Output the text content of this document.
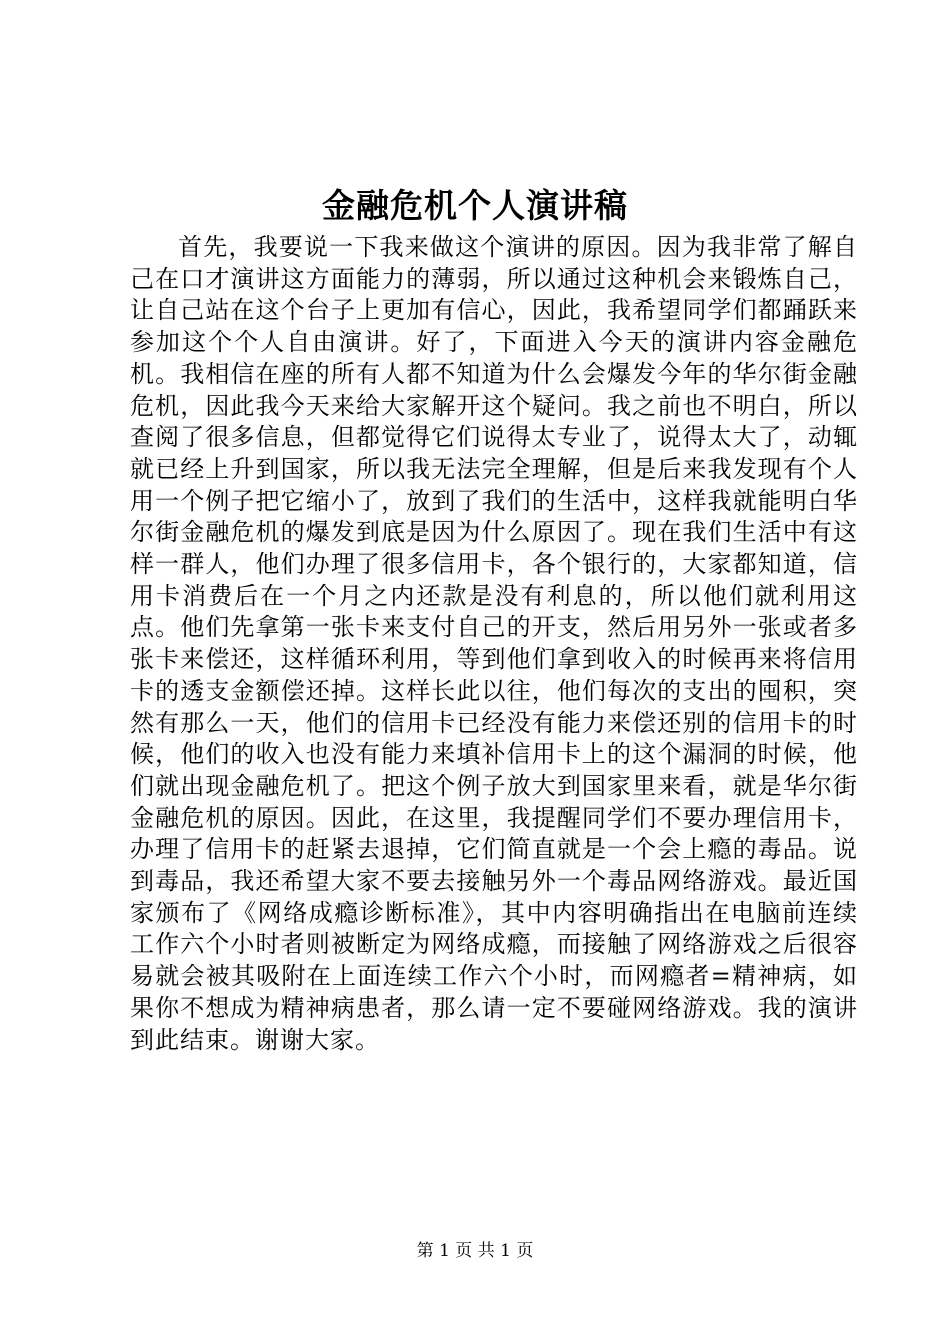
金融危机个人演讲稿

首先，我要说一下我来做这个演讲的原因。因为我非常了解自己在口才演讲这方面能力的薄弱，所以通过这种机会来锻炼自己，让自己站在这个台子上更加有信心，因此，我希望同学们都踊跃来参加这个个人自由演讲。好了，下面进入今天的演讲内容金融危机。我相信在座的所有人都不知道为什么会爆发今年的华尔街金融危机，因此我今天来给大家解开这个疑问。我之前也不明白，所以查阅了很多信息，但都觉得它们说得太专业了，说得太大了，动辄就已经上升到国家，所以我无法完全理解，但是后来我发现有个人用一个例子把它缩小了，放到了我们的生活中，这样我就能明白华尔街金融危机的爆发到底是因为什么原因了。现在我们生活中有这样一群人，他们办理了很多信用卡，各个银行的，大家都知道，信用卡消费后在一个月之内还款是没有利息的，所以他们就利用这点。他们先拿第一张卡来支付自己的开支，然后用另外一张或者多张卡来偿还，这样循环利用，等到他们拿到收入的时候再来将信用卡的透支金额偿还掉。这样长此以往，他们每次的支出的囤积，突然有那么一天，他们的信用卡已经没有能力来偿还别的信用卡的时候，他们的收入也没有能力来填补信用卡上的这个漏洞的时候，他们就出现金融危机了。把这个例子放大到国家里来看，就是华尔街金融危机的原因。因此，在这里，我提醒同学们不要办理信用卡，办理了信用卡的赶紧去退掉，它们简直就是一个会上瘾的毒品。说到毒品，我还希望大家不要去接触另外一个毒品网络游戏。最近国家颁布了《网络成瘾诊断标准》，其中内容明确指出在电脑前连续工作六个小时者则被断定为网络成瘾，而接触了网络游戏之后很容易就会被其吸附在上面连续工作六个小时，而网瘾者=精神病，如果你不想成为精神病患者，那么请一定不要碰网络游戏。我的演讲到此结束。谢谢大家。

第 1 页 共 1 页
